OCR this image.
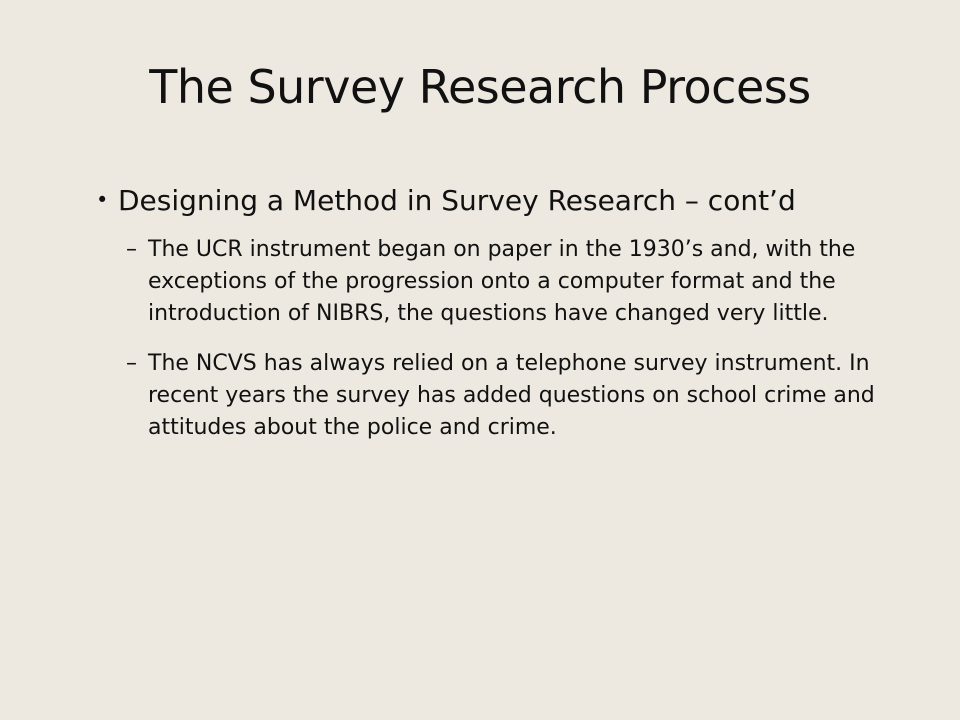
The Survey Research Process
• Designing a Method in Survey Research – cont’d
– The UCR instrument began on paper in the 1930’s and, with the exceptions of the progression onto a computer format and the introduction of NIBRS, the questions have changed very little.
– The NCVS has always relied on a telephone survey instrument. In recent years the survey has added questions on school crime and attitudes about the police and crime.
